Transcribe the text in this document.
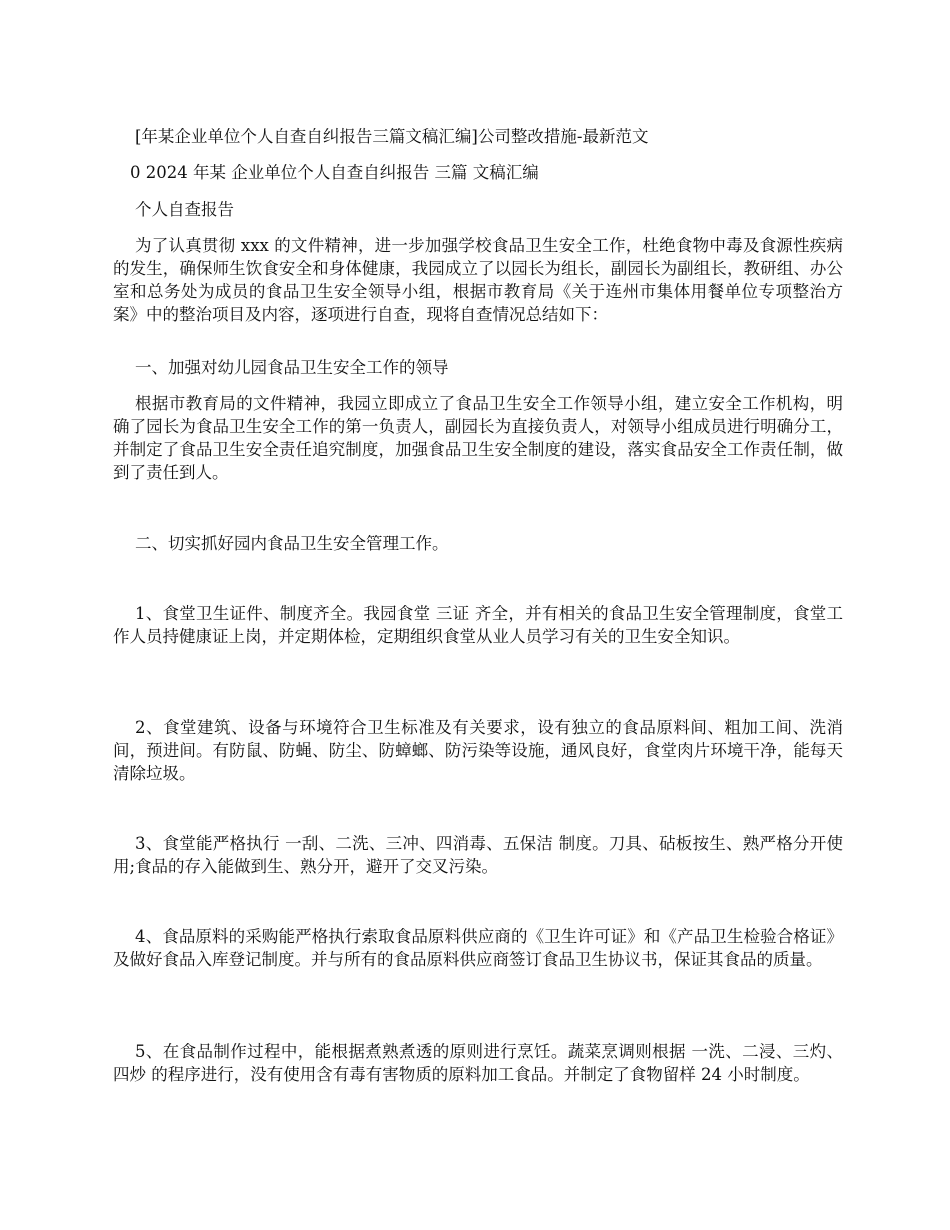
[年某企业单位个人自查自纠报告三篇文稿汇编]公司整改措施-最新范文
0 2024 年某 企业单位个人自查自纠报告 三篇 文稿汇编
个人自查报告

为了认真贯彻 xxx 的文件精神，进一步加强学校食品卫生安全工作，杜绝食物中毒及食源性疾病的发生，确保师生饮食安全和身体健康，我园成立了以园长为组长，副园长为副组长，教研组、办公室和总务处为成员的食品卫生安全领导小组，根据市教育局《关于连州市集体用餐单位专项整治方案》中的整治项目及内容，逐项进行自查，现将自查情况总结如下：

一、加强对幼儿园食品卫生安全工作的领导

根据市教育局的文件精神，我园立即成立了食品卫生安全工作领导小组，建立安全工作机构，明确了园长为食品卫生安全工作的第一负责人，副园长为直接负责人，对领导小组成员进行明确分工，并制定了食品卫生安全责任追究制度，加强食品卫生安全制度的建设，落实食品安全工作责任制，做到了责任到人。

二、切实抓好园内食品卫生安全管理工作。

1、食堂卫生证件、制度齐全。我园食堂 三证 齐全，并有相关的食品卫生安全管理制度，食堂工作人员持健康证上岗，并定期体检，定期组织食堂从业人员学习有关的卫生安全知识。

2、食堂建筑、设备与环境符合卫生标准及有关要求，设有独立的食品原料间、粗加工间、洗消间，预进间。有防鼠、防蝇、防尘、防蟑螂、防污染等设施，通风良好，食堂肉片环境干净，能每天清除垃圾。

3、食堂能严格执行 一刮、二洗、三冲、四消毒、五保洁 制度。刀具、砧板按生、熟严格分开使用;食品的存入能做到生、熟分开，避开了交叉污染。

4、食品原料的采购能严格执行索取食品原料供应商的《卫生许可证》和《产品卫生检验合格证》及做好食品入库登记制度。并与所有的食品原料供应商签订食品卫生协议书，保证其食品的质量。

5、在食品制作过程中，能根据煮熟煮透的原则进行烹饪。蔬菜烹调则根据 一洗、二浸、三灼、四炒 的程序进行，没有使用含有毒有害物质的原料加工食品。并制定了食物留样 24 小时制度。
